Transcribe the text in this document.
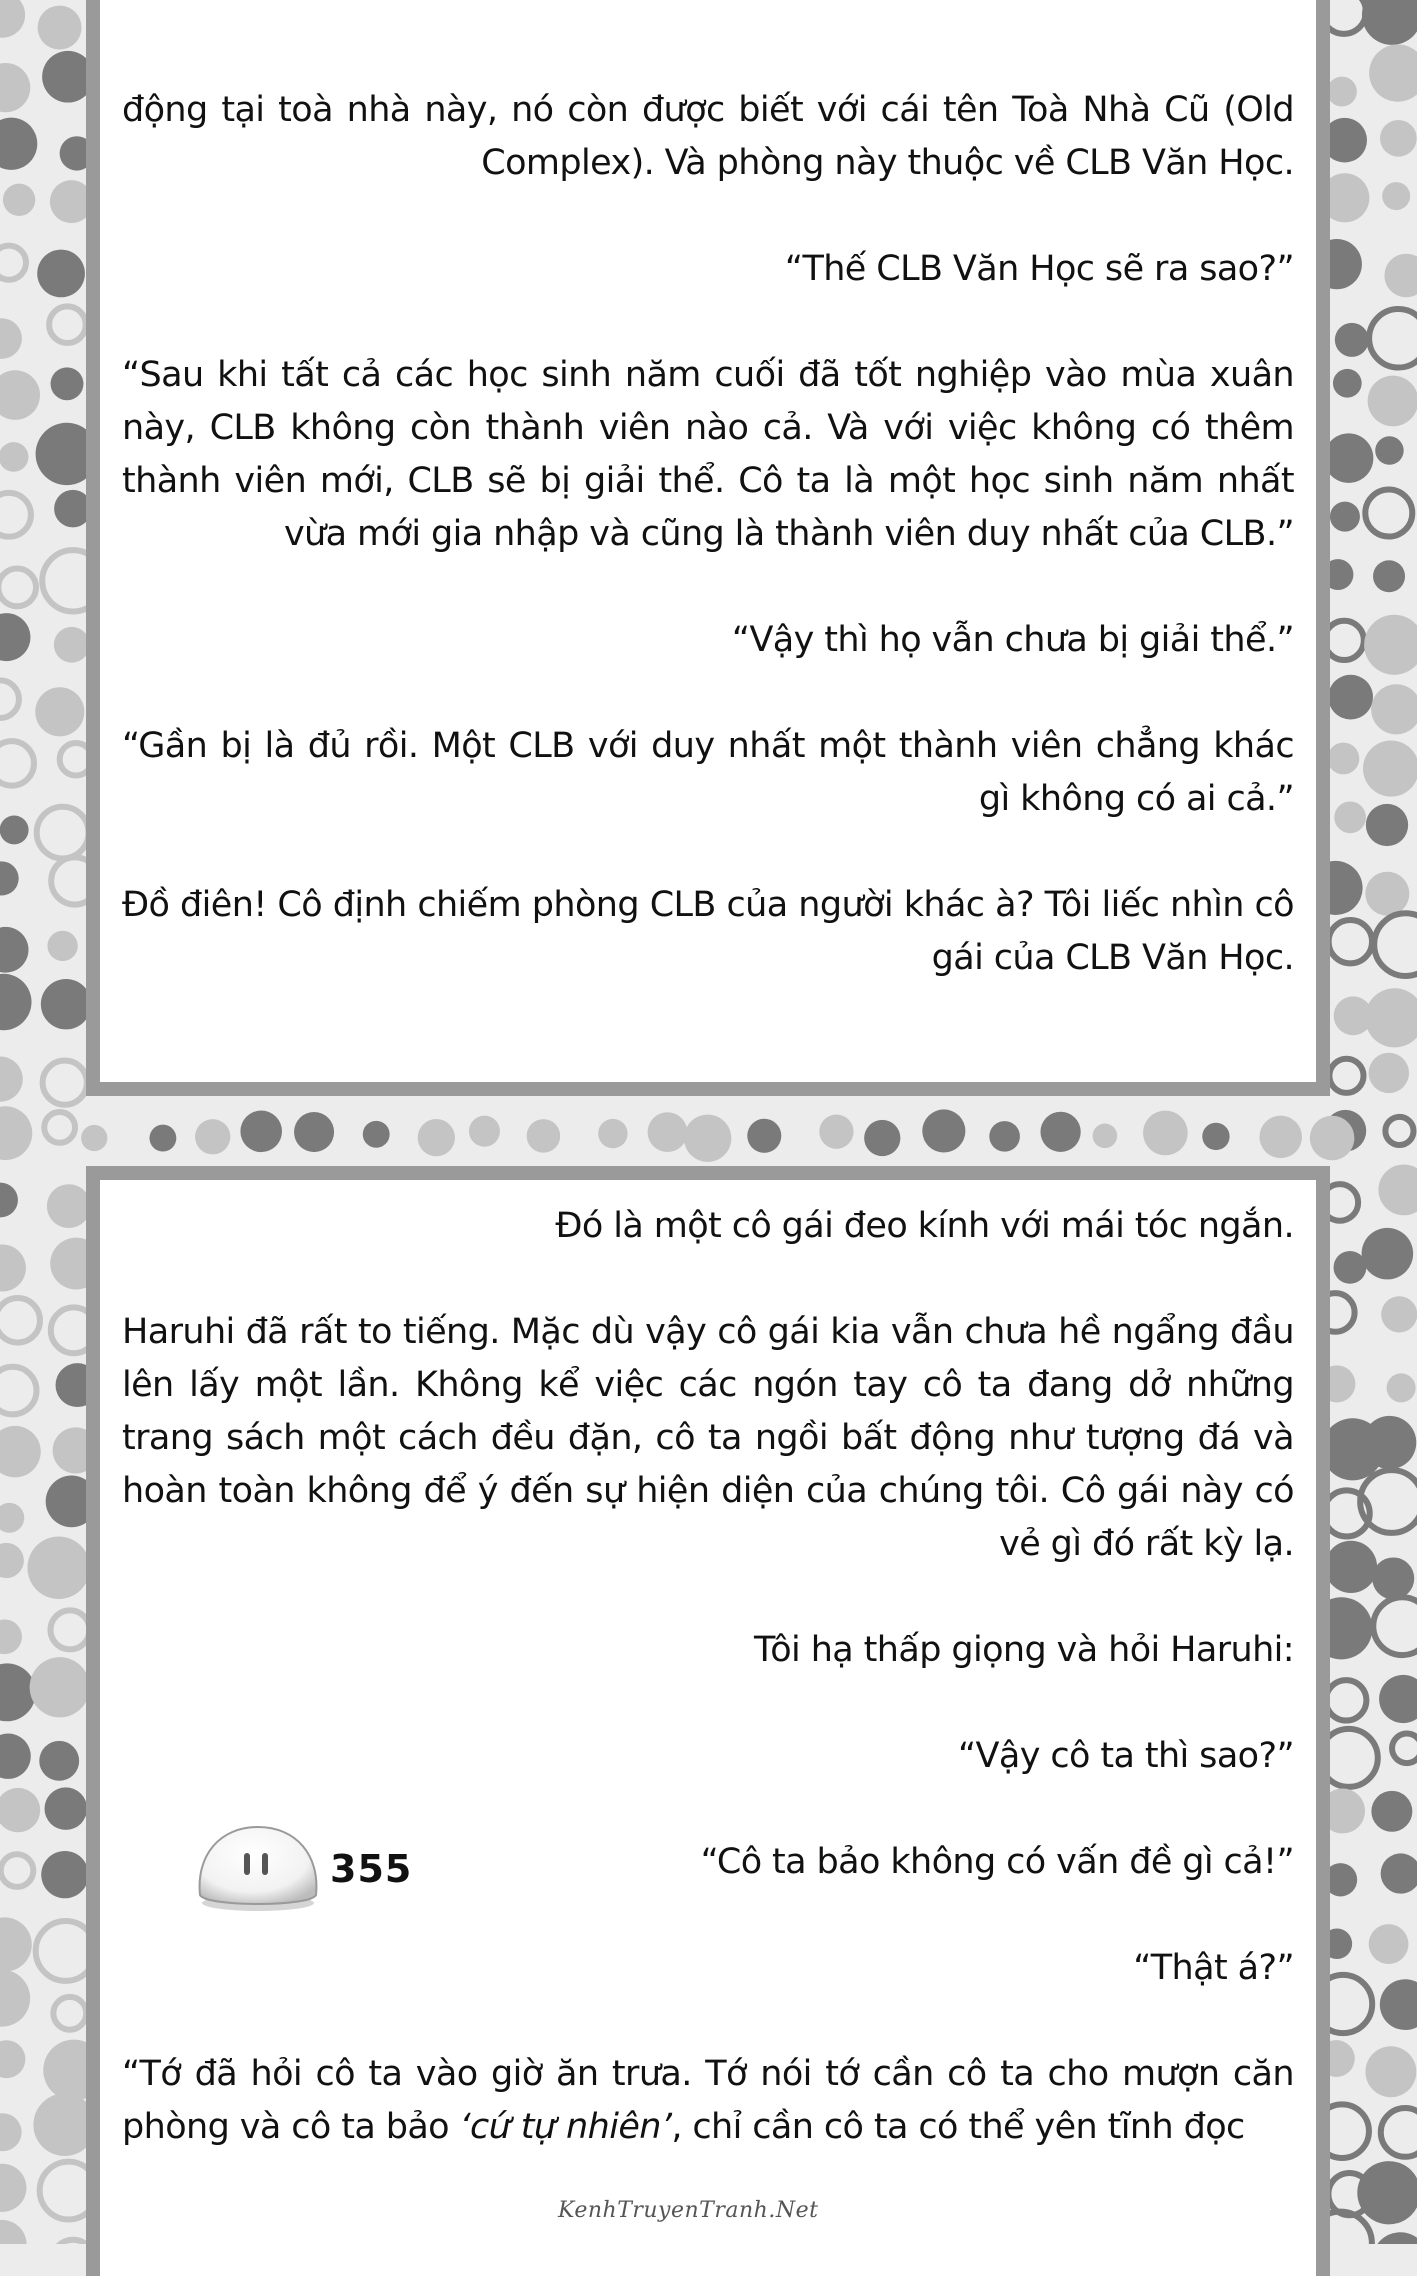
động tại toà nhà này, nó còn được biết với cái tên Toà Nhà Cũ (Old Complex). Và phòng này thuộc về CLB Văn Học.

“Thế CLB Văn Học sẽ ra sao?”

“Sau khi tất cả các học sinh năm cuối đã tốt nghiệp vào mùa xuân này, CLB không còn thành viên nào cả. Và với việc không có thêm thành viên mới, CLB sẽ bị giải thể. Cô ta là một học sinh năm nhất vừa mới gia nhập và cũng là thành viên duy nhất của CLB.”

“Vậy thì họ vẫn chưa bị giải thể.”

“Gần bị là đủ rồi. Một CLB với duy nhất một thành viên chẳng khác gì không có ai cả.”

Đồ điên! Cô định chiếm phòng CLB của người khác à? Tôi liếc nhìn cô gái của CLB Văn Học.

Đó là một cô gái đeo kính với mái tóc ngắn.

Haruhi đã rất to tiếng. Mặc dù vậy cô gái kia vẫn chưa hề ngẩng đầu lên lấy một lần. Không kể việc các ngón tay cô ta đang dở những trang sách một cách đều đặn, cô ta ngồi bất động như tượng đá và hoàn toàn không để ý đến sự hiện diện của chúng tôi. Cô gái này có vẻ gì đó rất kỳ lạ.

Tôi hạ thấp giọng và hỏi Haruhi:

“Vậy cô ta thì sao?”

“Cô ta bảo không có vấn đề gì cả!”

“Thật á?”

“Tớ đã hỏi cô ta vào giờ ăn trưa. Tớ nói tớ cần cô ta cho mượn căn phòng và cô ta bảo ‘cứ tự nhiên’, chỉ cần cô ta có thể yên tĩnh đọc

355
KenhTruyenTranh.Net
